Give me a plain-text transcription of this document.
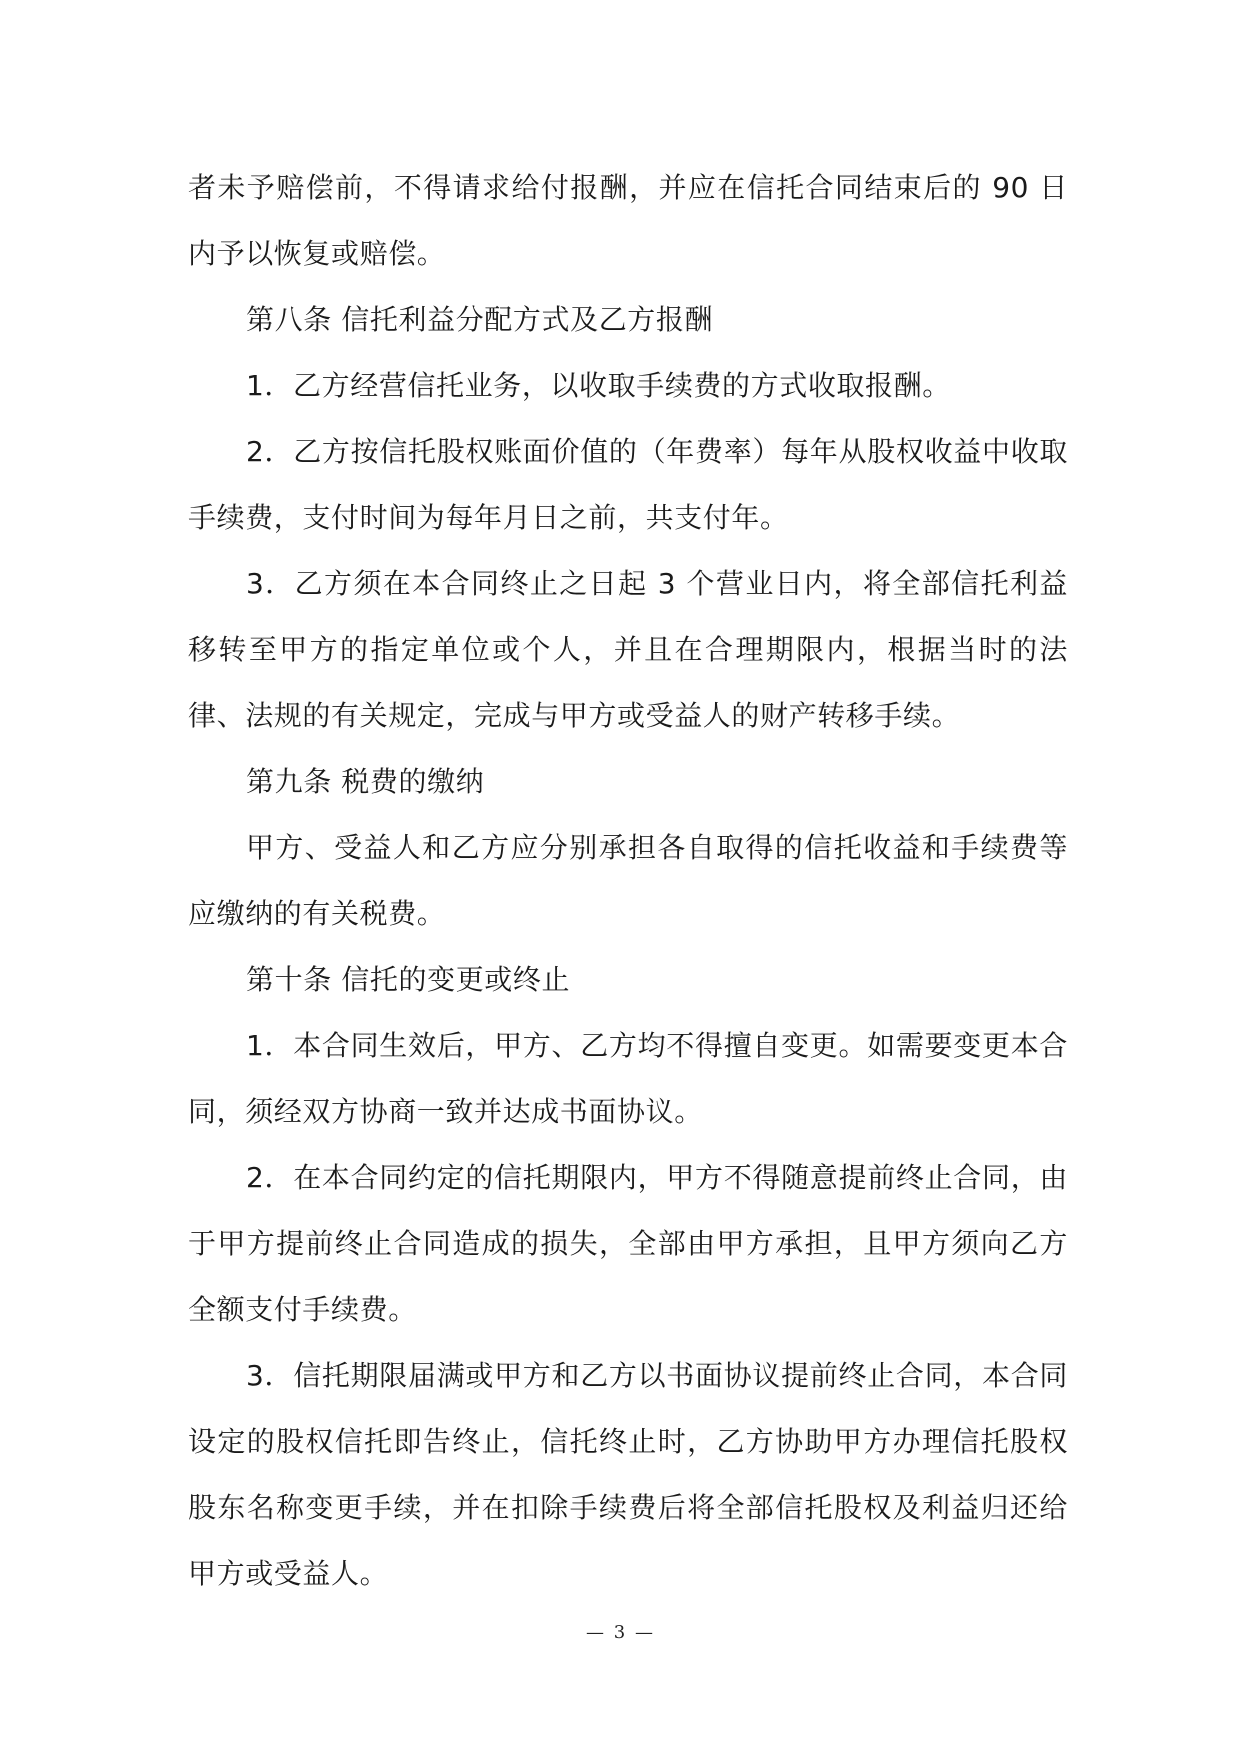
者未予赔偿前，不得请求给付报酬，并应在信托合同结束后的 90 日内予以恢复或赔偿。

第八条 信托利益分配方式及乙方报酬

1．乙方经营信托业务，以收取手续费的方式收取报酬。

2．乙方按信托股权账面价值的（年费率）每年从股权收益中收取手续费，支付时间为每年月日之前，共支付年。

3．乙方须在本合同终止之日起 3 个营业日内，将全部信托利益移转至甲方的指定单位或个人，并且在合理期限内，根据当时的法律、法规的有关规定，完成与甲方或受益人的财产转移手续。

第九条 税费的缴纳

甲方、受益人和乙方应分别承担各自取得的信托收益和手续费等应缴纳的有关税费。

第十条 信托的变更或终止

1．本合同生效后，甲方、乙方均不得擅自变更。如需要变更本合同，须经双方协商一致并达成书面协议。

2．在本合同约定的信托期限内，甲方不得随意提前终止合同，由于甲方提前终止合同造成的损失，全部由甲方承担，且甲方须向乙方全额支付手续费。

3．信托期限届满或甲方和乙方以书面协议提前终止合同，本合同设定的股权信托即告终止，信托终止时，乙方协助甲方办理信托股权股东名称变更手续，并在扣除手续费后将全部信托股权及利益归还给甲方或受益人。

— 3 —
